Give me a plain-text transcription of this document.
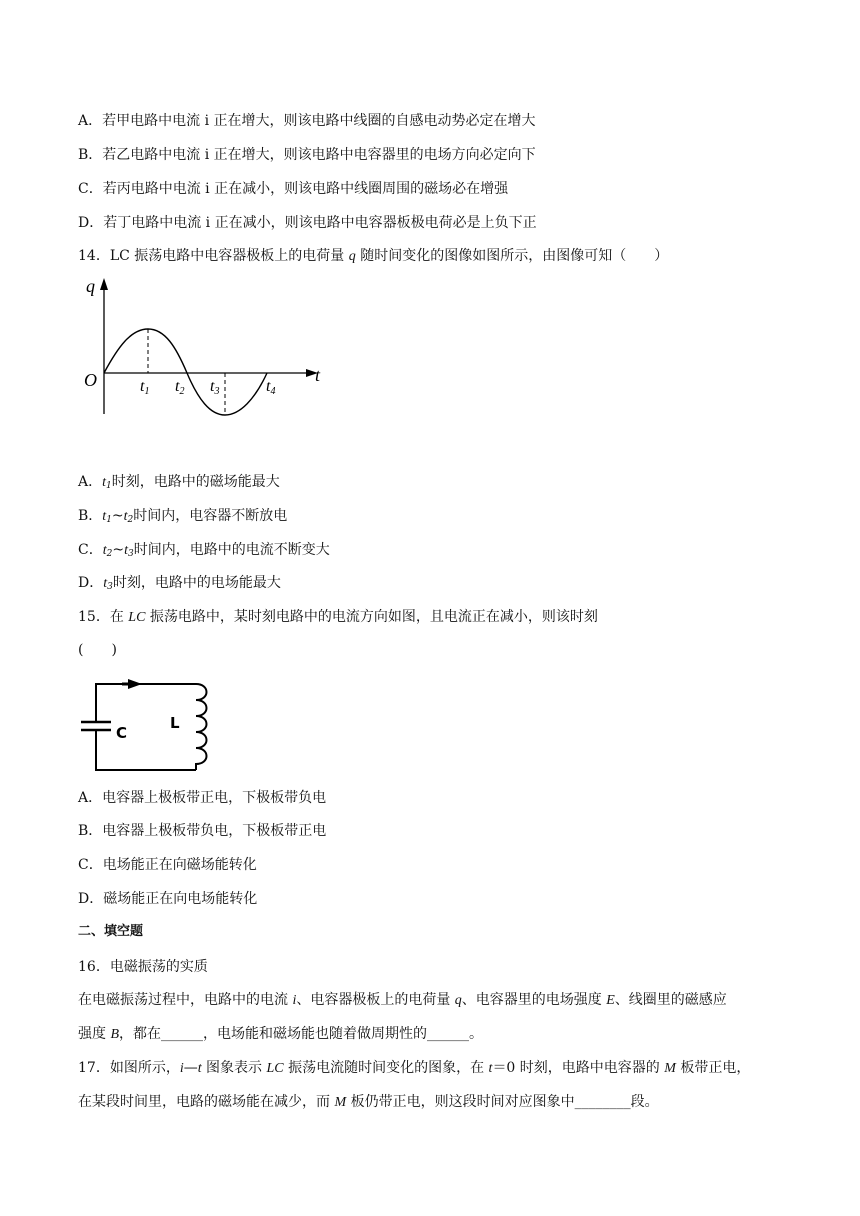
A．若甲电路中电流 i 正在增大，则该电路中线圈的自感电动势必定在增大
B．若乙电路中电流 i 正在增大，则该电路中电容器里的电场方向必定向下
C．若丙电路中电流 i 正在减小，则该电路中线圈周围的磁场必在增强
D．若丁电路中电流 i 正在减小，则该电路中电容器板极电荷必是上负下正
14．LC 振荡电路中电容器极板上的电荷量 q 随时间变化的图像如图所示，由图像可知（　　）
q
t
O	t1 t2 t3	t4
A．$t_1$时刻，电路中的磁场能最大
B．$t_1\sim t_2$时间内，电容器不断放电
C．$t_2\sim t_3$时间内，电路中的电流不断变大
D．$t_3$时刻，电路中的电场能最大
15．在 LC 振荡电路中，某时刻电路中的电流方向如图，且电流正在减小，则该时刻
(　　)
C
L
A．电容器上极板带正电，下极板带负电
B．电容器上极板带负电，下极板带正电
C．电场能正在向磁场能转化
D．磁场能正在向电场能转化
二、填空题
16．电磁振荡的实质
在电磁振荡过程中，电路中的电流 i、电容器极板上的电荷量 q、电容器里的电场强度 E、线圈里的磁感应
强度 B，都在______，电场能和磁场能也随着做周期性的______。
17．如图所示，i—t 图象表示 LC 振荡电流随时间变化的图象，在 t＝0 时刻，电路中电容器的 M 板带正电，
在某段时间里，电路的磁场能在减少，而 M 板仍带正电，则这段时间对应图象中________段。
